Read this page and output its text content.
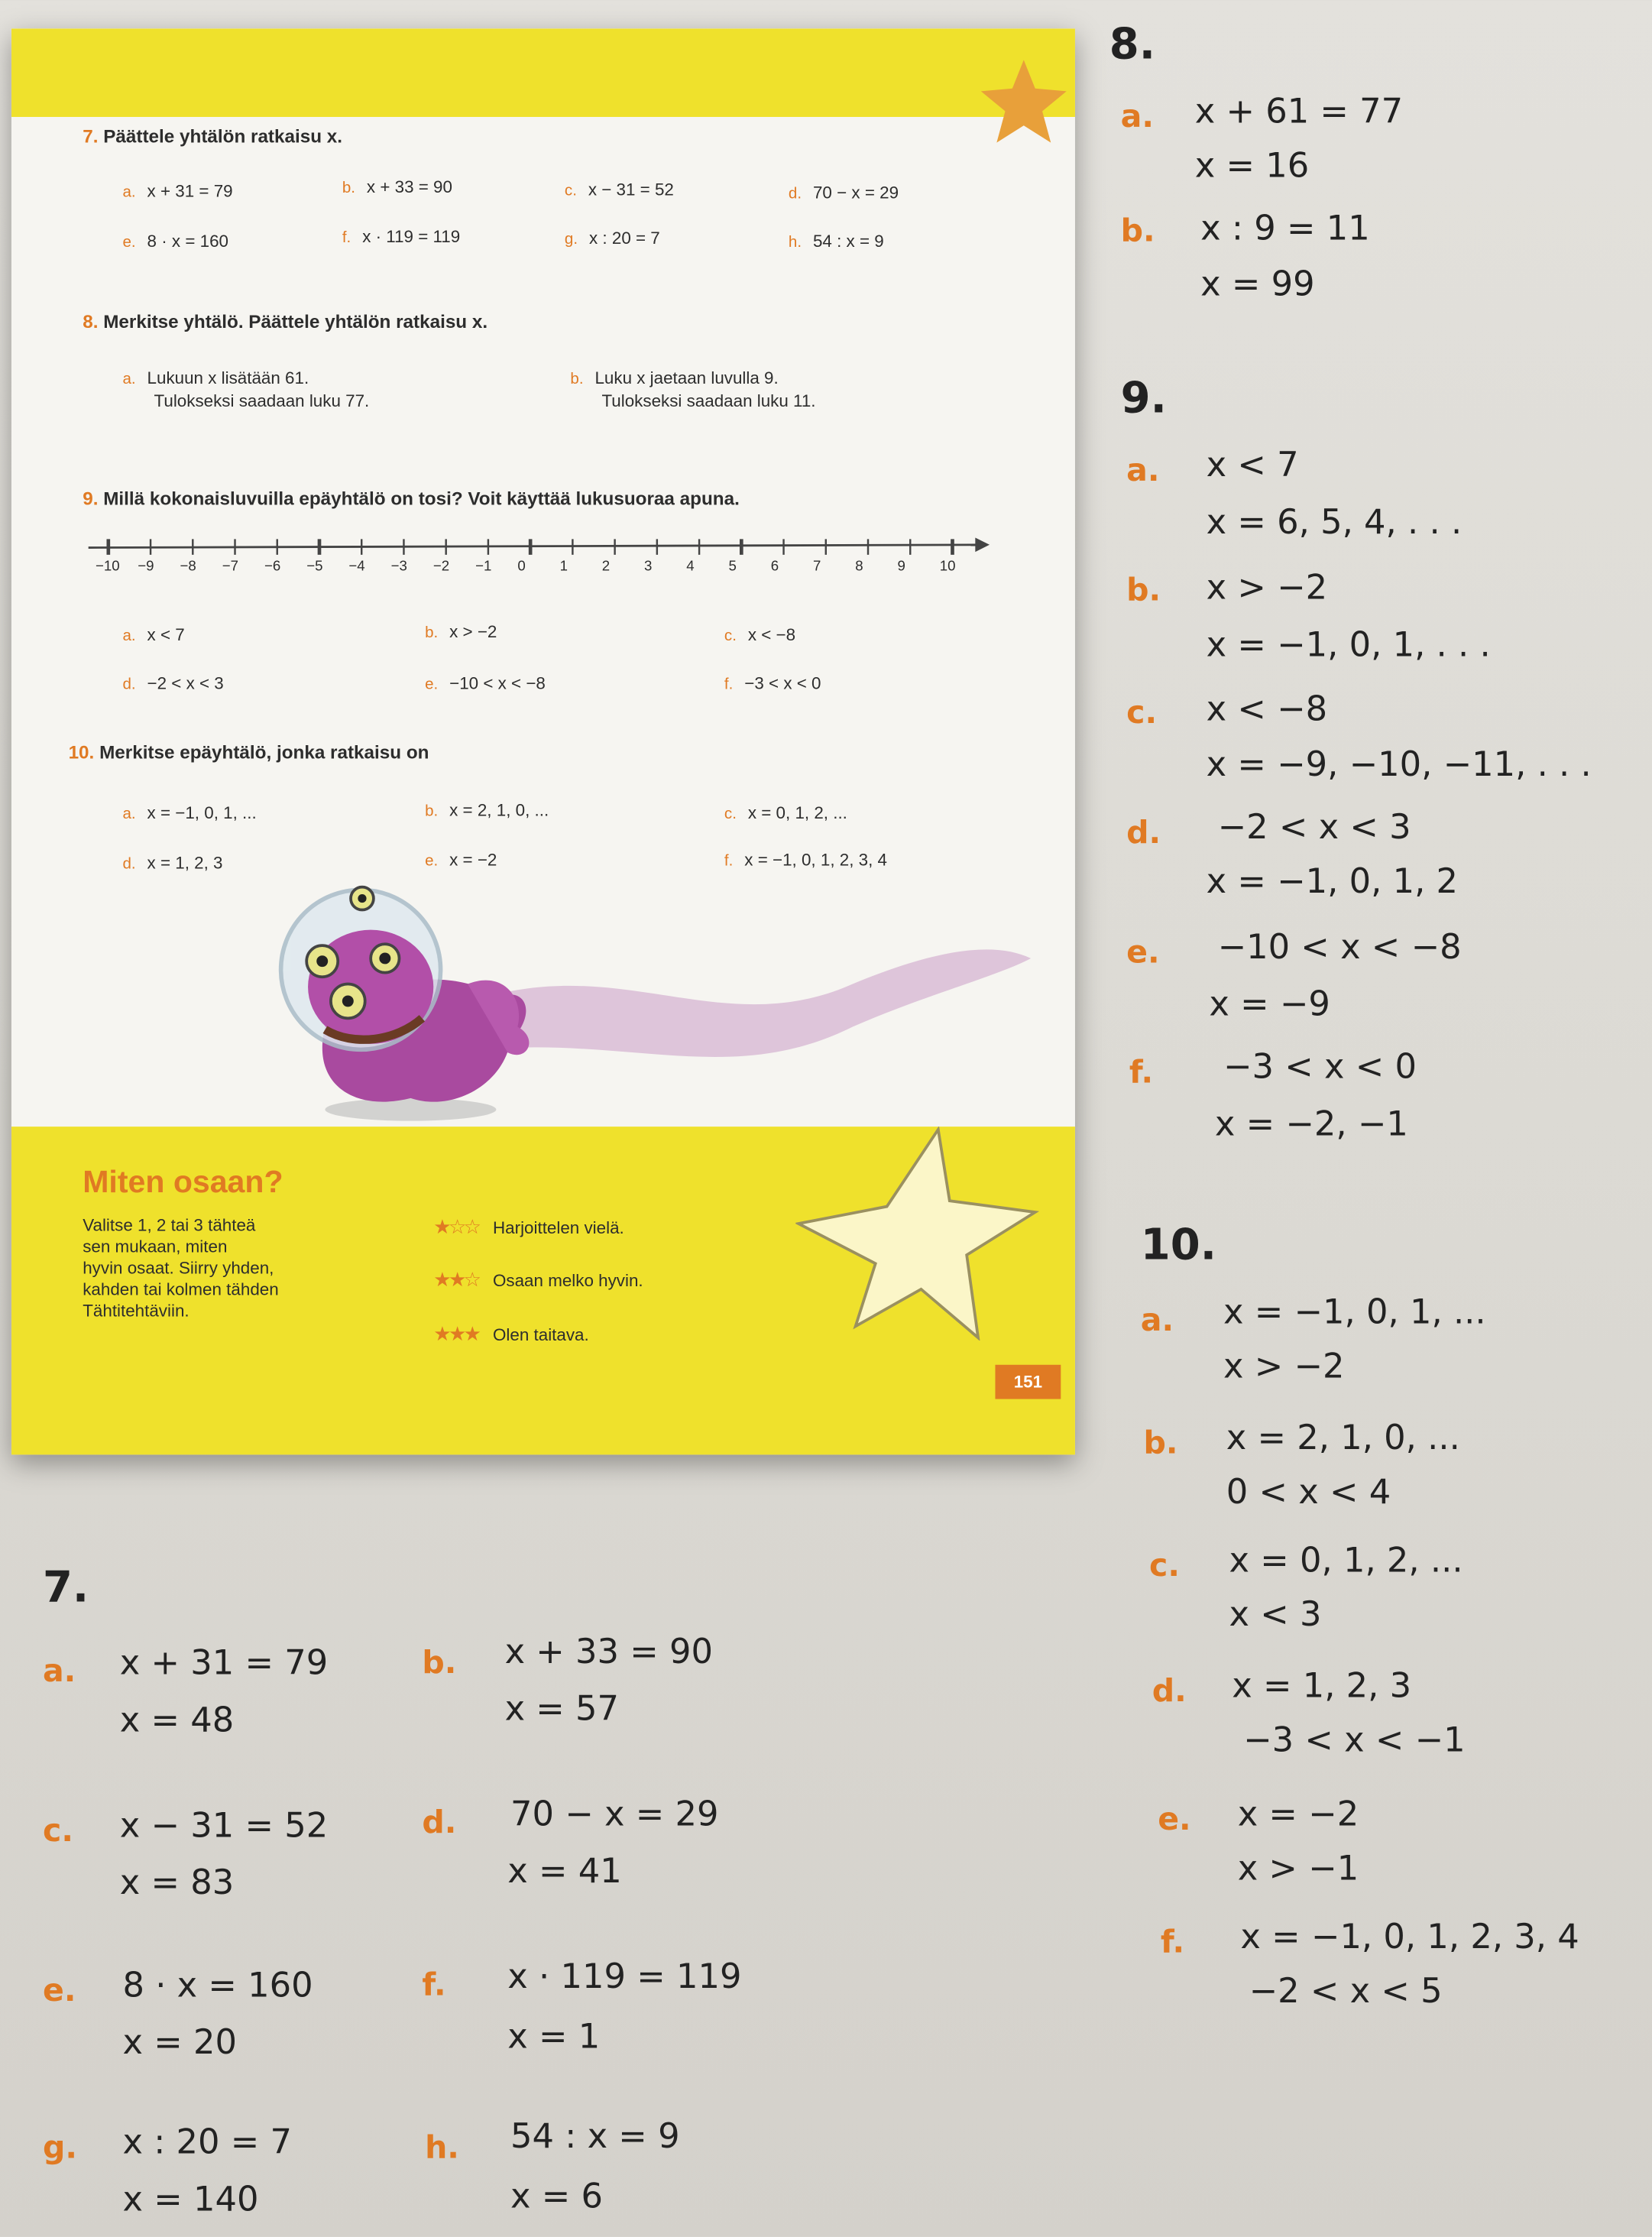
7. Päättele yhtälön ratkaisu x.
a. x + 31 = 79	b. x + 33 = 90	c. x − 31 = 52	d. 70 − x = 29
e. 8 · x = 160	f. x · 119 = 119	g. x : 20 = 7	h. 54 : x = 9
8. Merkitse yhtälö. Päättele yhtälön ratkaisu x.
a. Lukuun x lisätään 61.
Tulokseksi saadaan luku 77.
b. Luku x jaetaan luvulla 9.
Tulokseksi saadaan luku 11.
9. Millä kokonaisluvuilla epäyhtälö on tosi? Voit käyttää lukusuoraa apuna.
−10 −9	−8	−7	−6	−5	−4	−3	−2	−1	0	1	2	3	4	5	6	7	8	9	10
a. x < 7	b. x > −2	c. x < −8
d. −2 < x < 3	e. −10 < x < −8	f. −3 < x < 0
10. Merkitse epäyhtälö, jonka ratkaisu on
a. x = −1, 0, 1, ...	b. x = 2, 1, 0, ...	c. x = 0, 1, 2, ...
d. x = 1, 2, 3	e. x = −2	f. x = −1, 0, 1, 2, 3, 4
Miten osaan?
Valitse 1, 2 tai 3 tähteä
sen mukaan, miten
hyvin osaat. Siirry yhden,
kahden tai kolmen tähden
Tähtitehtäviin.
★☆☆ Harjoittelen vielä.
★★☆ Osaan melko hyvin.
★★★ Olen taitava.
151
8.
a. x + 61 = 77
x = 16
b. x : 9 = 11
x = 99
9.
a.	x < 7
x = 6, 5, 4, . . .
b. x > −2
x = −1, 0, 1, . . .
c.	x < −8
x = −9, −10, −11, . . .
d.	−2 < x < 3
x = −1, 0, 1, 2
e.	−10 < x < −8
x = −9
f.	−3 < x < 0
x = −2, −1
10.
a.	x = −1, 0, 1, ...
x > −2
b.	x = 2, 1, 0, ...
0 < x < 4
c.	x = 0, 1, 2, ...
x < 3
d. x = 1, 2, 3
−3 < x < −1
e.	x = −2
x > −1
f.	x = −1, 0, 1, 2, 3, 4
−2 < x < 5
7.
a. x + 31 = 79
x = 48
b.	x + 33 = 90
x = 57
c.	x − 31 = 52
x = 83
d.	70 − x = 29
x = 41
e.	8 · x = 160
x = 20
f.	x · 119 = 119
x = 1
g. x : 20 = 7
x = 140
h.	54 : x = 9
x = 6
